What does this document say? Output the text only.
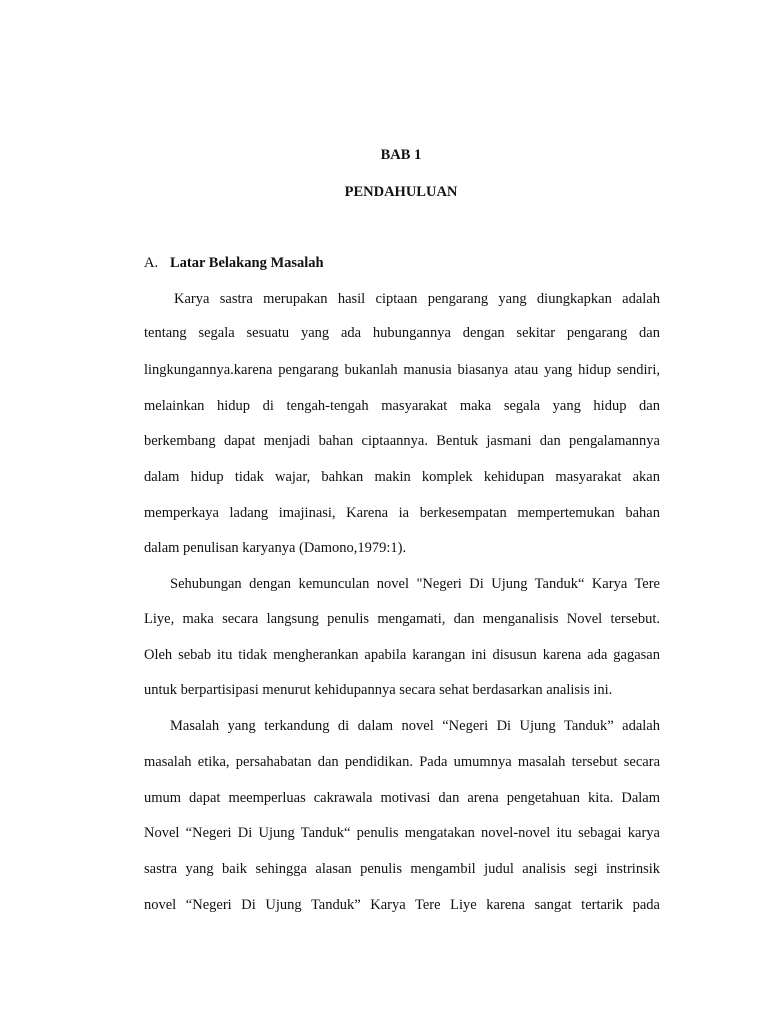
BAB 1
PENDAHULUAN
A. Latar Belakang Masalah
Karya sastra merupakan hasil ciptaan pengarang yang diungkapkan adalah
tentang segala sesuatu yang ada hubungannya dengan sekitar pengarang dan
lingkungannya.karena pengarang bukanlah manusia biasanya atau yang hidup sendiri,
melainkan hidup di tengah-tengah masyarakat maka segala yang hidup dan
berkembang dapat menjadi bahan ciptaannya. Bentuk jasmani dan pengalamannya
dalam hidup tidak wajar, bahkan makin komplek kehidupan masyarakat akan
memperkaya ladang imajinasi, Karena ia berkesempatan mempertemukan bahan
dalam penulisan karyanya (Damono,1979:1).
Sehubungan dengan kemunculan novel "Negeri Di Ujung Tanduk“ Karya Tere
Liye, maka secara langsung penulis mengamati, dan menganalisis Novel tersebut.
Oleh sebab itu tidak mengherankan apabila karangan ini disusun karena ada gagasan
untuk berpartisipasi menurut kehidupannya secara sehat berdasarkan analisis ini.
Masalah yang terkandung di dalam novel “Negeri Di Ujung Tanduk” adalah
masalah etika, persahabatan dan pendidikan. Pada umumnya masalah tersebut secara
umum dapat meemperluas cakrawala motivasi dan arena pengetahuan kita. Dalam
Novel “Negeri Di Ujung Tanduk“ penulis mengatakan novel-novel itu sebagai karya
sastra yang baik sehingga alasan penulis mengambil judul analisis segi instrinsik
novel “Negeri Di Ujung Tanduk” Karya Tere Liye karena sangat tertarik pada
